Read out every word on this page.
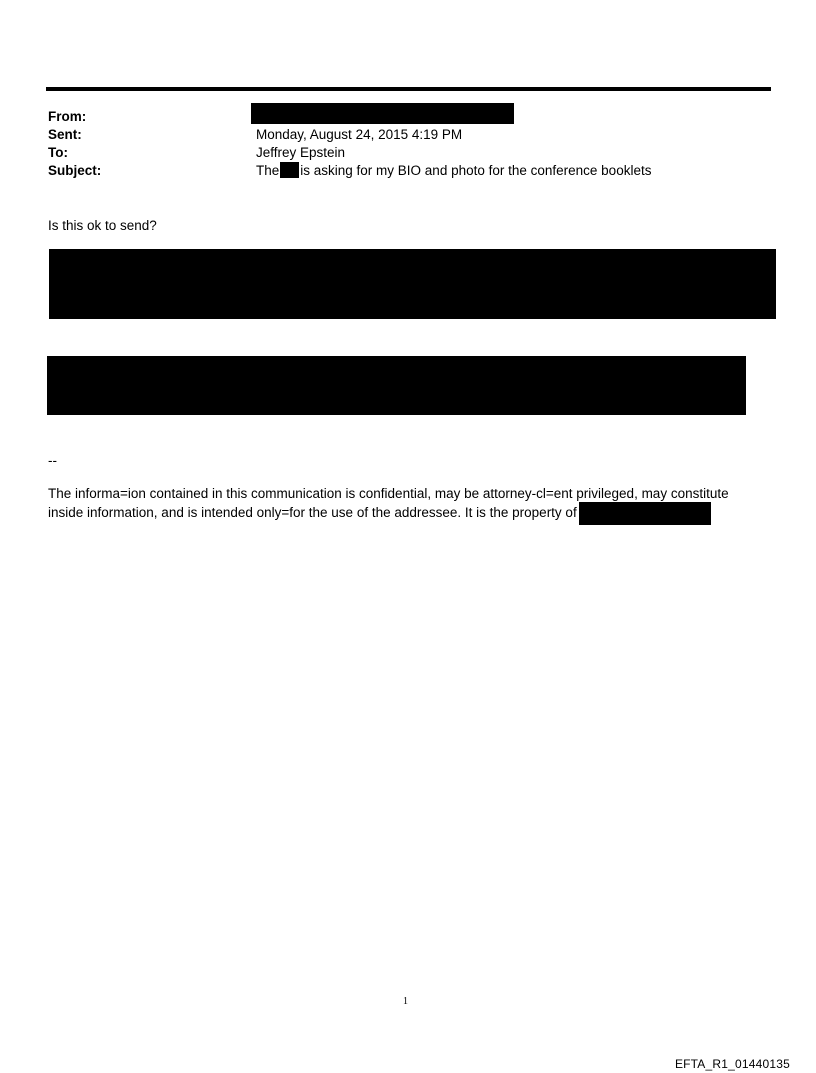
From:
Sent:
To:
Subject:
Monday, August 24, 2015 4:19 PM
Jeffrey Epstein
The is asking for my BIO and photo for the conference booklets
Is this ok to send?
--
The informa=ion contained in this communication is confidential, may be attorney-cl=ent privileged, may constitute
inside information, and is intended only=for the use of the addressee. It is the property of
1
EFTA_R1_01440135
